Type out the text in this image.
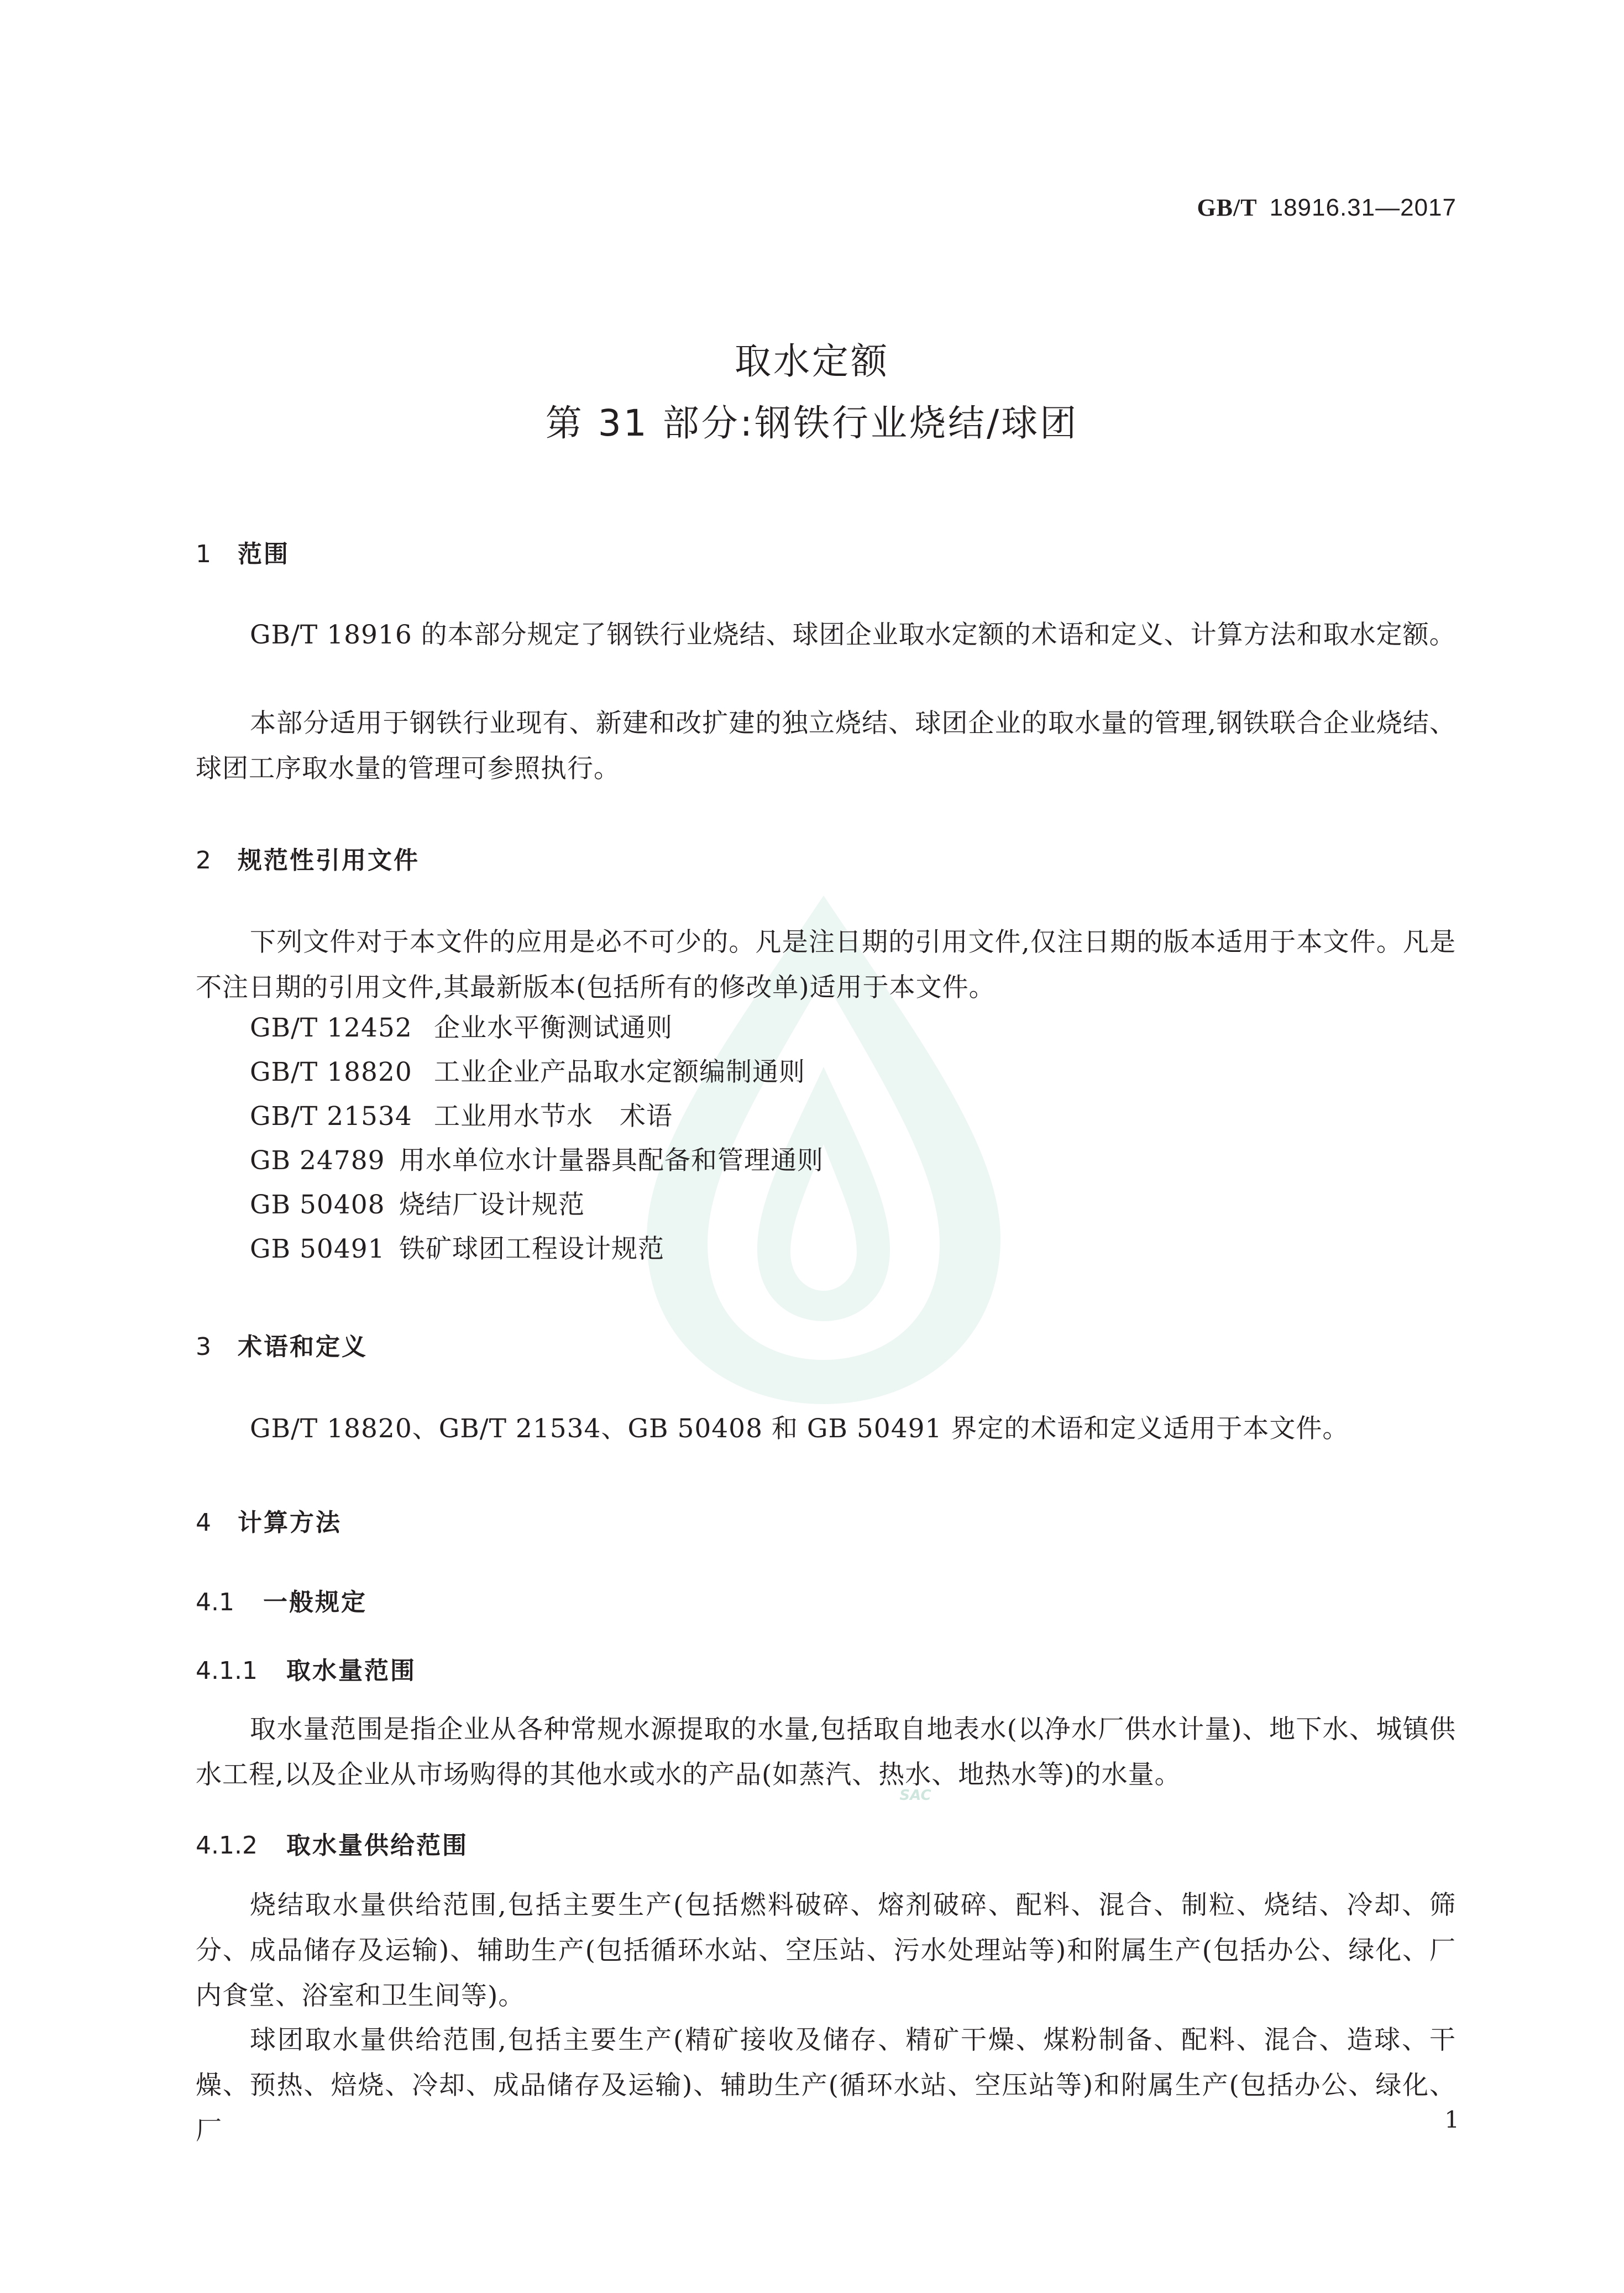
SAC
GB/T 18916.31—2017
取水定额
第 31 部分:钢铁行业烧结/球团
1 范围
GB/T 18916 的本部分规定了钢铁行业烧结、球团企业取水定额的术语和定义、计算方法和取水定额。
本部分适用于钢铁行业现有、新建和改扩建的独立烧结、球团企业的取水量的管理,钢铁联合企业烧结、球团工序取水量的管理可参照执行。
2 规范性引用文件
下列文件对于本文件的应用是必不可少的。凡是注日期的引用文件,仅注日期的版本适用于本文件。凡是不注日期的引用文件,其最新版本(包括所有的修改单)适用于本文件。
GB/T 12452 企业水平衡测试通则
GB/T 18820 工业企业产品取水定额编制通则
GB/T 21534 工业用水节水　术语
GB 24789 用水单位水计量器具配备和管理通则
GB 50408 烧结厂设计规范
GB 50491 铁矿球团工程设计规范
3 术语和定义
GB/T 18820、GB/T 21534、GB 50408 和 GB 50491 界定的术语和定义适用于本文件。
4 计算方法
4.1 一般规定
4.1.1 取水量范围
取水量范围是指企业从各种常规水源提取的水量,包括取自地表水(以净水厂供水计量)、地下水、城镇供水工程,以及企业从市场购得的其他水或水的产品(如蒸汽、热水、地热水等)的水量。
4.1.2 取水量供给范围
烧结取水量供给范围,包括主要生产(包括燃料破碎、熔剂破碎、配料、混合、制粒、烧结、冷却、筛分、成品储存及运输)、辅助生产(包括循环水站、空压站、污水处理站等)和附属生产(包括办公、绿化、厂内食堂、浴室和卫生间等)。
球团取水量供给范围,包括主要生产(精矿接收及储存、精矿干燥、煤粉制备、配料、混合、造球、干燥、预热、焙烧、冷却、成品储存及运输)、辅助生产(循环水站、空压站等)和附属生产(包括办公、绿化、厂	1
